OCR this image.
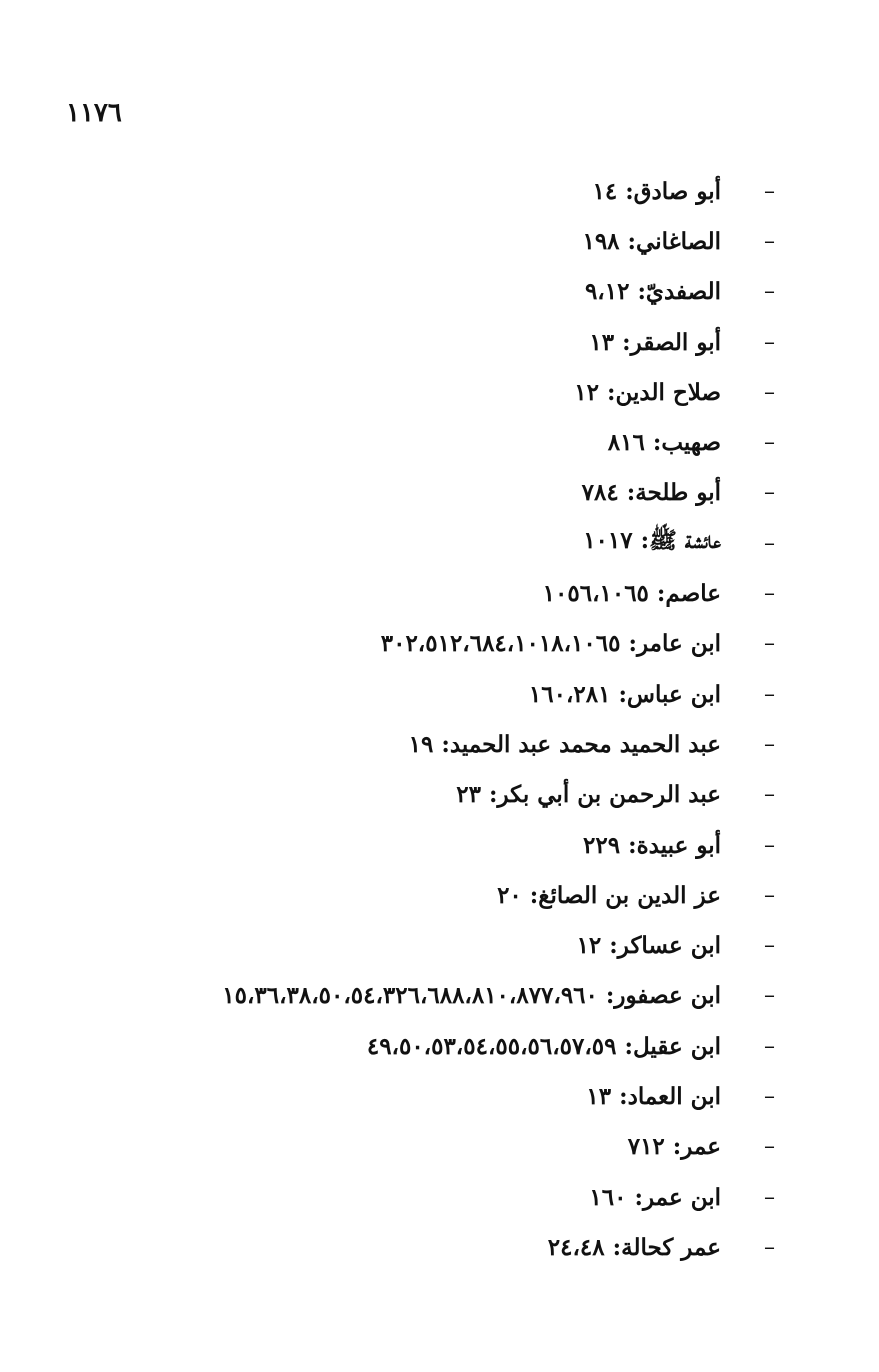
١١٧٦
–
أبو صادق: ١٤
–
الصاغاني: ١٩٨
–
الصفديّ: ٩،١٢
–
أبو الصقر: ١٣
–
صلاح الدين: ١٢
–
صهيب: ٨١٦
–
أبو طلحة: ٧٨٤
–
عائشة ﷺ: ١٠١٧
–
عاصم: ١٠٥٦،١٠٦٥
–
ابن عامر: ٣٠٢،٥١٢،٦٨٤،١٠١٨،١٠٦٥
–
ابن عباس: ١٦٠،٢٨١
–
عبد الحميد محمد عبد الحميد: ١٩
–
عبد الرحمن بن أبي بكر: ٢٣
–
أبو عبيدة: ٢٢٩
–
عز الدين بن الصائغ: ٢٠
–
ابن عساكر: ١٢
–
ابن عصفور: ١٥،٣٦،٣٨،٥٠،٥٤،٣٢٦،٦٨٨،٨١٠،٨٧٧،٩٦٠
–
ابن عقيل: ٤٩،٥٠،٥٣،٥٤،٥٥،٥٦،٥٧،٥٩
–
ابن العماد: ١٣
–
عمر: ٧١٢
–
ابن عمر: ١٦٠
–
عمر كحالة: ٢٤،٤٨
